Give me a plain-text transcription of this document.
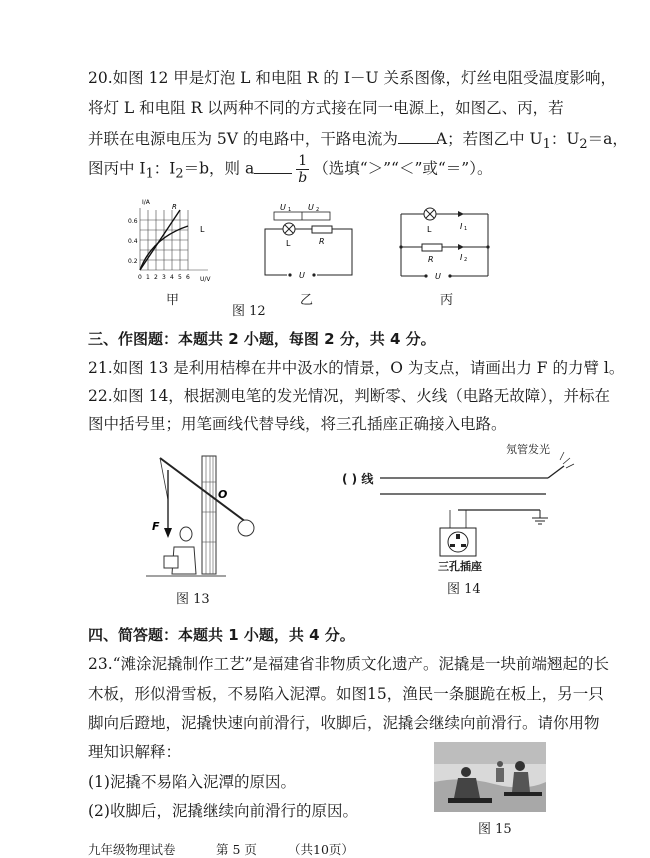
20.如图 12 甲是灯泡 L 和电阻 R 的 I－U 关系图像，灯丝电阻受温度影响，
将灯 L 和电阻 R 以两种不同的方式接在同一电源上，如图乙、丙，若
并联在电源电压为 5V 的电路中，干路电流为 A；若图乙中 $U_1$：$U_2=a$，
图丙中 $I_1$：$I_2=b$，则 a	$\frac{1}{b}$ （选填“＞”“＜”或“＝”）。
I/A
U/V
0.6
0.4
0.2
0 1 2 3 4 5 6
R
L
U 1 U 2
L	R
U
L	I 1
R	I 2
U
甲
图 12
乙	丙
三、作图题：本题共 2 小题，每图 2 分，共 4 分。
21.如图 13 是利用桔槔在井中汲水的情景，O 为支点，请画出力 F 的力臂 l。
22.如图 14，根据测电笔的发光情况，判断零、火线（电路无故障），并标在
图中括号里；用笔画线代替导线，将三孔插座正确接入电路。
O
F
图 13
( ) 线
氖管发光
三孔插座
图 14
四、简答题：本题共 1 小题，共 4 分。
23.“滩涂泥撬制作工艺”是福建省非物质文化遗产。泥撬是一块前端翘起的长
木板，形似滑雪板，不易陷入泥潭。如图15，渔民一条腿跪在板上，另一只
脚向后蹬地，泥撬快速向前滑行，收脚后，泥撬会继续向前滑行。请你用物
理知识解释：
(1)泥撬不易陷入泥潭的原因。
(2)收脚后，泥撬继续向前滑行的原因。
图 15
九年级物理试卷	第 5 页 （共10页）
